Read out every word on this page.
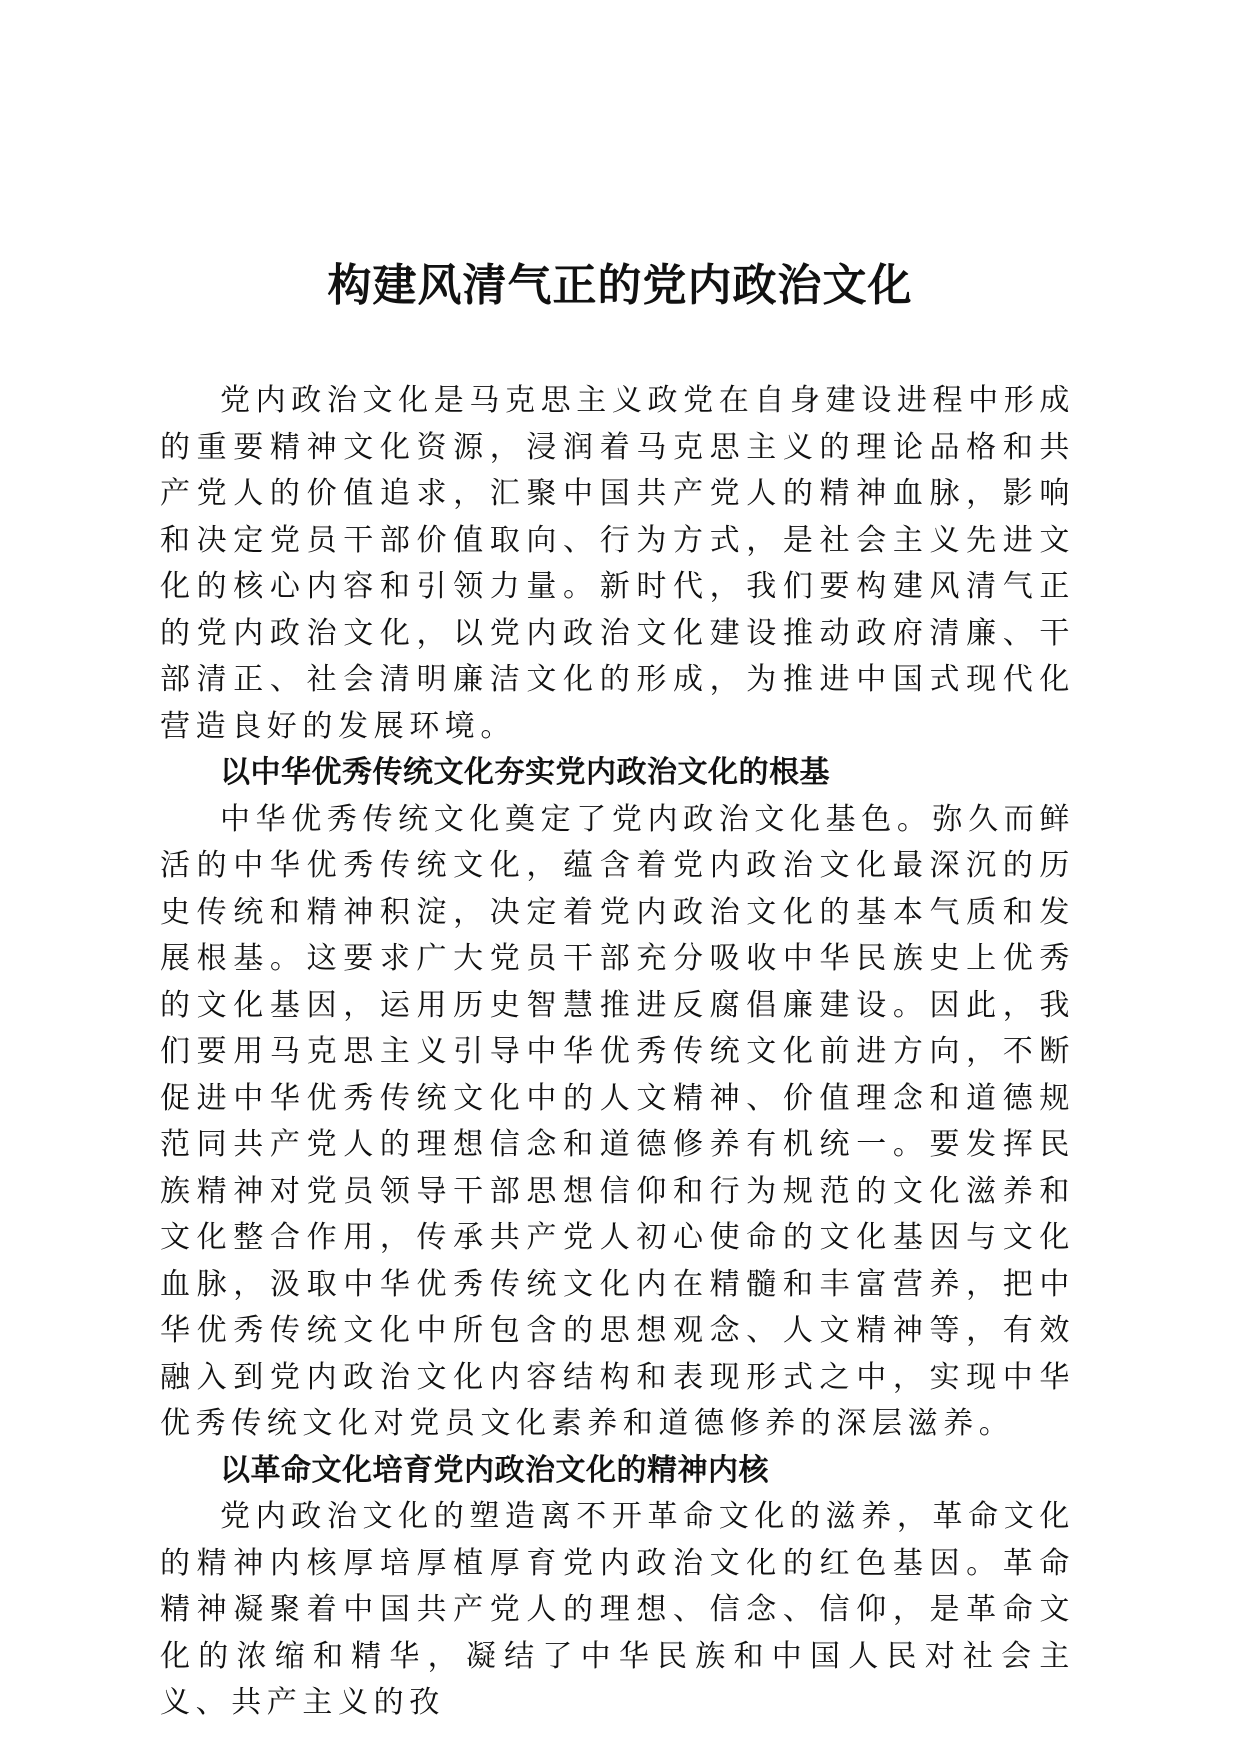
构建风清气正的党内政治文化

党内政治文化是马克思主义政党在自身建设进程中形成的重要精神文化资源，浸润着马克思主义的理论品格和共产党人的价值追求，汇聚中国共产党人的精神血脉，影响和决定党员干部价值取向、行为方式，是社会主义先进文化的核心内容和引领力量。新时代，我们要构建风清气正的党内政治文化，以党内政治文化建设推动政府清廉、干部清正、社会清明廉洁文化的形成，为推进中国式现代化营造良好的发展环境。

以中华优秀传统文化夯实党内政治文化的根基

中华优秀传统文化奠定了党内政治文化基色。弥久而鲜活的中华优秀传统文化，蕴含着党内政治文化最深沉的历史传统和精神积淀，决定着党内政治文化的基本气质和发展根基。这要求广大党员干部充分吸收中华民族史上优秀的文化基因，运用历史智慧推进反腐倡廉建设。因此，我们要用马克思主义引导中华优秀传统文化前进方向，不断促进中华优秀传统文化中的人文精神、价值理念和道德规范同共产党人的理想信念和道德修养有机统一。要发挥民族精神对党员领导干部思想信仰和行为规范的文化滋养和文化整合作用，传承共产党人初心使命的文化基因与文化血脉，汲取中华优秀传统文化内在精髓和丰富营养，把中华优秀传统文化中所包含的思想观念、人文精神等，有效融入到党内政治文化内容结构和表现形式之中，实现中华优秀传统文化对党员文化素养和道德修养的深层滋养。

以革命文化培育党内政治文化的精神内核

党内政治文化的塑造离不开革命文化的滋养，革命文化的精神内核厚培厚植厚育党内政治文化的红色基因。革命精神凝聚着中国共产党人的理想、信念、信仰，是革命文化的浓缩和精华，凝结了中华民族和中国人民对社会主义、共产主义的孜
